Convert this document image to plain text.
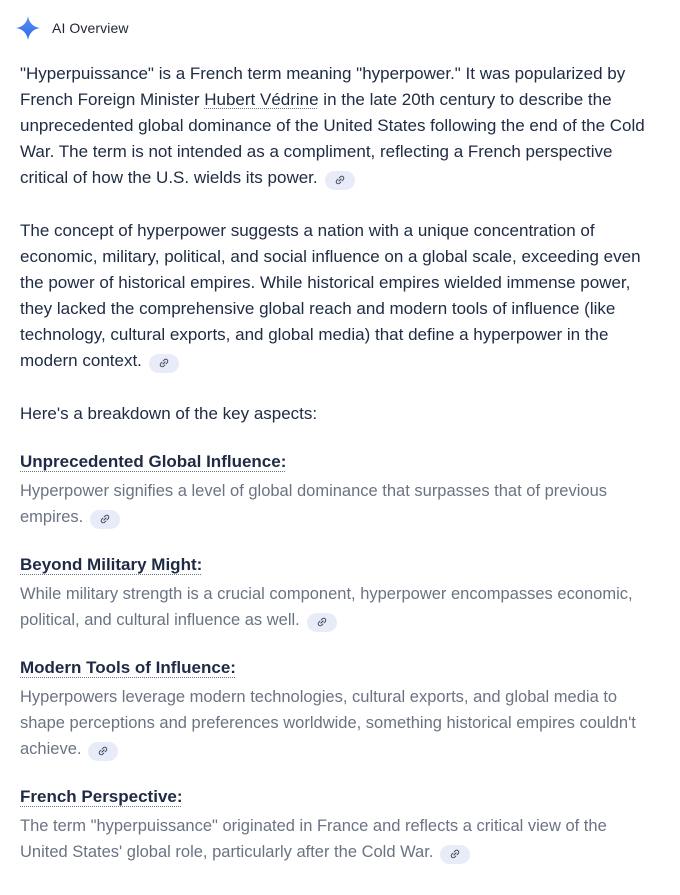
AI Overview

"Hyperpuissance" is a French term meaning "hyperpower." It was popularized by French Foreign Minister Hubert Védrine in the late 20th century to describe the unprecedented global dominance of the United States following the end of the Cold War. The term is not intended as a compliment, reflecting a French perspective critical of how the U.S. wields its power.

The concept of hyperpower suggests a nation with a unique concentration of economic, military, political, and social influence on a global scale, exceeding even the power of historical empires. While historical empires wielded immense power, they lacked the comprehensive global reach and modern tools of influence (like technology, cultural exports, and global media) that define a hyperpower in the modern context.

Here's a breakdown of the key aspects:

Unprecedented Global Influence:

Hyperpower signifies a level of global dominance that surpasses that of previous empires.

Beyond Military Might:

While military strength is a crucial component, hyperpower encompasses economic, political, and cultural influence as well.

Modern Tools of Influence:

Hyperpowers leverage modern technologies, cultural exports, and global media to shape perceptions and preferences worldwide, something historical empires couldn't achieve.

French Perspective:

The term "hyperpuissance" originated in France and reflects a critical view of the United States' global role, particularly after the Cold War.
